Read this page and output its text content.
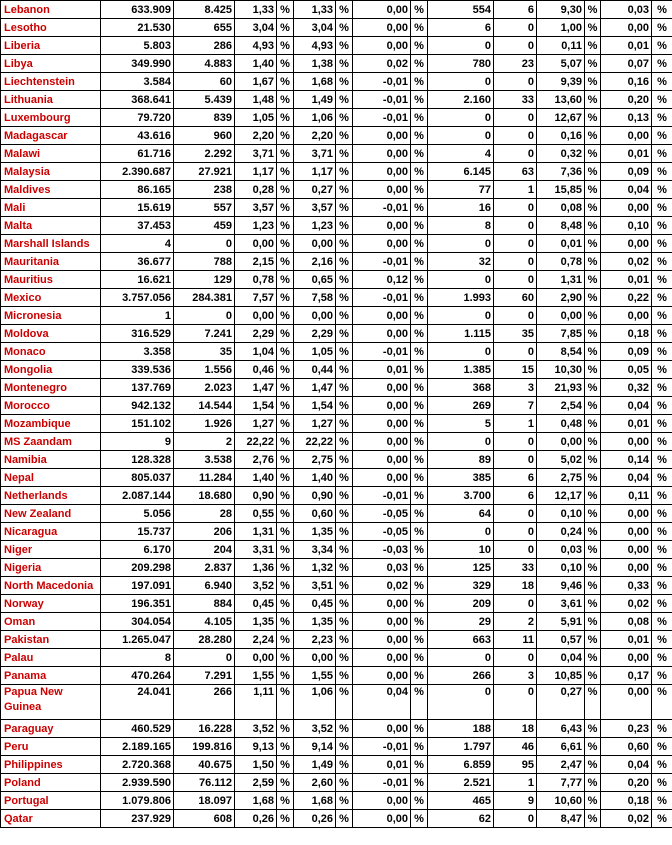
Lebanon	633.909	8.425	1,33	%	1,33	%	0,00	%	554	6	9,30	%	0,03	%
Lesotho	21.530	655	3,04	%	3,04	%	0,00	%	6	0	1,00	%	0,00	%
Liberia	5.803	286	4,93	%	4,93	%	0,00	%	0	0	0,11	%	0,01	%
Libya	349.990	4.883	1,40	%	1,38	%	0,02	%	780	23	5,07	%	0,07	%
Liechtenstein	3.584	60	1,67	%	1,68	%	-0,01	%	0	0	9,39	%	0,16	%
Lithuania	368.641	5.439	1,48	%	1,49	%	-0,01	%	2.160	33	13,60	%	0,20	%
Luxembourg	79.720	839	1,05	%	1,06	%	-0,01	%	0	0	12,67	%	0,13	%
Madagascar	43.616	960	2,20	%	2,20	%	0,00	%	0	0	0,16	%	0,00	%
Malawi	61.716	2.292	3,71	%	3,71	%	0,00	%	4	0	0,32	%	0,01	%
Malaysia	2.390.687	27.921	1,17	%	1,17	%	0,00	%	6.145	63	7,36	%	0,09	%
Maldives	86.165	238	0,28	%	0,27	%	0,00	%	77	1	15,85	%	0,04	%
Mali	15.619	557	3,57	%	3,57	%	-0,01	%	16	0	0,08	%	0,00	%
Malta	37.453	459	1,23	%	1,23	%	0,00	%	8	0	8,48	%	0,10	%
Marshall Islands	4	0	0,00	%	0,00	%	0,00	%	0	0	0,01	%	0,00	%
Mauritania	36.677	788	2,15	%	2,16	%	-0,01	%	32	0	0,78	%	0,02	%
Mauritius	16.621	129	0,78	%	0,65	%	0,12	%	0	0	1,31	%	0,01	%
Mexico	3.757.056	284.381	7,57	%	7,58	%	-0,01	%	1.993	60	2,90	%	0,22	%
Micronesia	1	0	0,00	%	0,00	%	0,00	%	0	0	0,00	%	0,00	%
Moldova	316.529	7.241	2,29	%	2,29	%	0,00	%	1.115	35	7,85	%	0,18	%
Monaco	3.358	35	1,04	%	1,05	%	-0,01	%	0	0	8,54	%	0,09	%
Mongolia	339.536	1.556	0,46	%	0,44	%	0,01	%	1.385	15	10,30	%	0,05	%
Montenegro	137.769	2.023	1,47	%	1,47	%	0,00	%	368	3	21,93	%	0,32	%
Morocco	942.132	14.544	1,54	%	1,54	%	0,00	%	269	7	2,54	%	0,04	%
Mozambique	151.102	1.926	1,27	%	1,27	%	0,00	%	5	1	0,48	%	0,01	%
MS Zaandam	9	2	22,22	%	22,22	%	0,00	%	0	0	0,00	%	0,00	%
Namibia	128.328	3.538	2,76	%	2,75	%	0,00	%	89	0	5,02	%	0,14	%
Nepal	805.037	11.284	1,40	%	1,40	%	0,00	%	385	6	2,75	%	0,04	%
Netherlands	2.087.144	18.680	0,90	%	0,90	%	-0,01	%	3.700	6	12,17	%	0,11	%
New Zealand	5.056	28	0,55	%	0,60	%	-0,05	%	64	0	0,10	%	0,00	%
Nicaragua	15.737	206	1,31	%	1,35	%	-0,05	%	0	0	0,24	%	0,00	%
Niger	6.170	204	3,31	%	3,34	%	-0,03	%	10	0	0,03	%	0,00	%
Nigeria	209.298	2.837	1,36	%	1,32	%	0,03	%	125	33	0,10	%	0,00	%
North Macedonia	197.091	6.940	3,52	%	3,51	%	0,02	%	329	18	9,46	%	0,33	%
Norway	196.351	884	0,45	%	0,45	%	0,00	%	209	0	3,61	%	0,02	%
Oman	304.054	4.105	1,35	%	1,35	%	0,00	%	29	2	5,91	%	0,08	%
Pakistan	1.265.047	28.280	2,24	%	2,23	%	0,00	%	663	11	0,57	%	0,01	%
Palau	8	0	0,00	%	0,00	%	0,00	%	0	0	0,04	%	0,00	%
Panama	470.264	7.291	1,55	%	1,55	%	0,00	%	266	3	10,85	%	0,17	%
Papua New Guinea	24.041	266	1,11	%	1,06	%	0,04	%	0	0	0,27	%	0,00	%
Paraguay	460.529	16.228	3,52	%	3,52	%	0,00	%	188	18	6,43	%	0,23	%
Peru	2.189.165	199.816	9,13	%	9,14	%	-0,01	%	1.797	46	6,61	%	0,60	%
Philippines	2.720.368	40.675	1,50	%	1,49	%	0,01	%	6.859	95	2,47	%	0,04	%
Poland	2.939.590	76.112	2,59	%	2,60	%	-0,01	%	2.521	1	7,77	%	0,20	%
Portugal	1.079.806	18.097	1,68	%	1,68	%	0,00	%	465	9	10,60	%	0,18	%
Qatar	237.929	608	0,26	%	0,26	%	0,00	%	62	0	8,47	%	0,02	%
